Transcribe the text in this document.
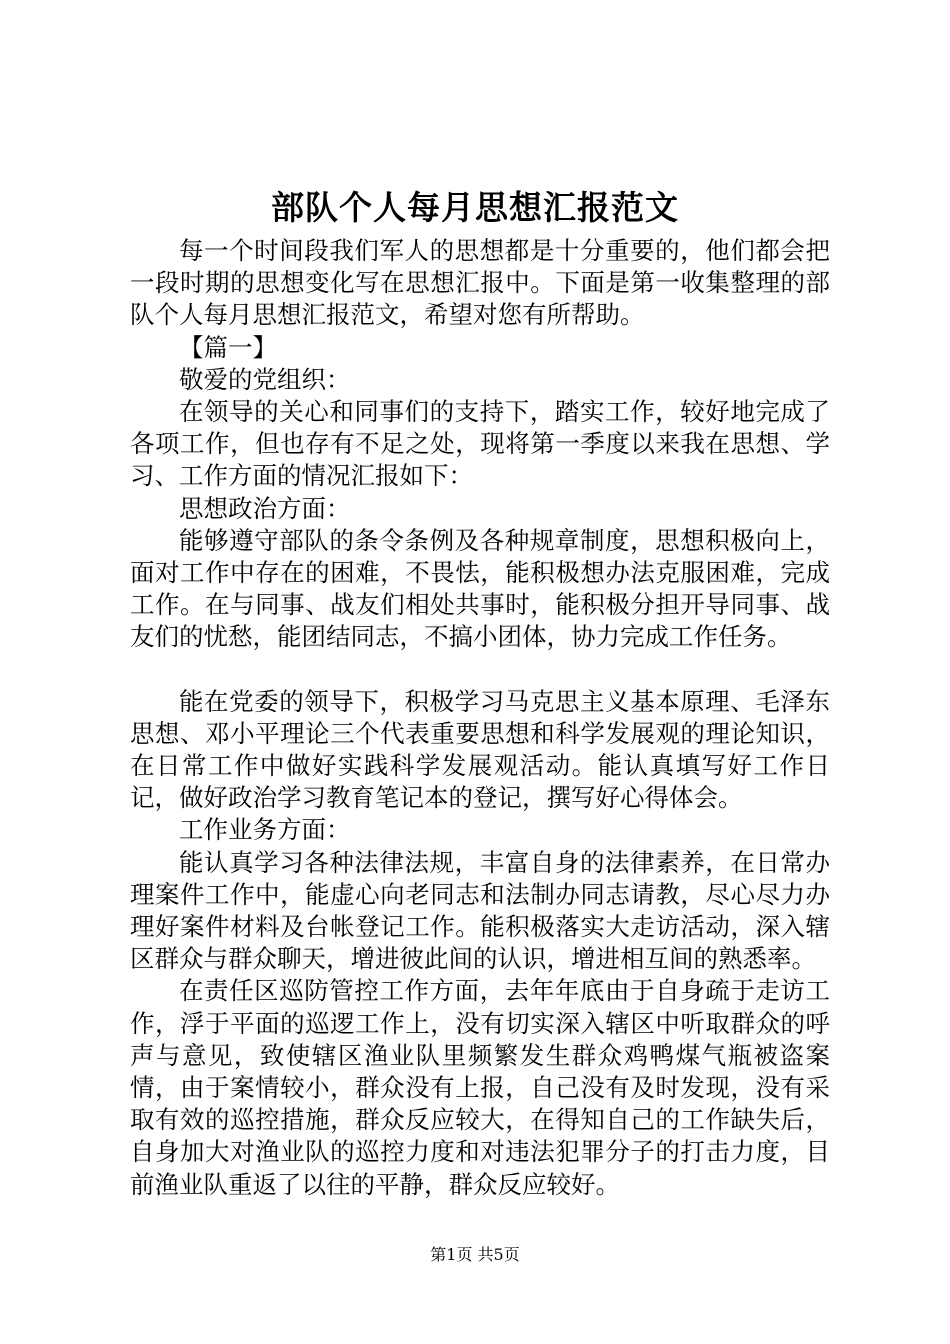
部队个人每月思想汇报范文

每一个时间段我们军人的思想都是十分重要的，他们都会把一段时期的思想变化写在思想汇报中。下面是第一收集整理的部队个人每月思想汇报范文，希望对您有所帮助。

【篇一】

敬爱的党组织：

在领导的关心和同事们的支持下，踏实工作，较好地完成了各项工作，但也存有不足之处，现将第一季度以来我在思想、学习、工作方面的情况汇报如下：

思想政治方面：

能够遵守部队的条令条例及各种规章制度，思想积极向上，面对工作中存在的困难，不畏怯，能积极想办法克服困难，完成工作。在与同事、战友们相处共事时，能积极分担开导同事、战友们的忧愁，能团结同志，不搞小团体，协力完成工作任务。

能在党委的领导下，积极学习马克思主义基本原理、毛泽东思想、邓小平理论三个代表重要思想和科学发展观的理论知识，在日常工作中做好实践科学发展观活动。能认真填写好工作日记，做好政治学习教育笔记本的登记，撰写好心得体会。

工作业务方面：

能认真学习各种法律法规，丰富自身的法律素养，在日常办理案件工作中，能虚心向老同志和法制办同志请教，尽心尽力办理好案件材料及台帐登记工作。能积极落实大走访活动，深入辖区群众与群众聊天，增进彼此间的认识，增进相互间的熟悉率。

在责任区巡防管控工作方面，去年年底由于自身疏于走访工作，浮于平面的巡逻工作上，没有切实深入辖区中听取群众的呼声与意见，致使辖区渔业队里频繁发生群众鸡鸭煤气瓶被盗案情，由于案情较小，群众没有上报，自己没有及时发现，没有采取有效的巡控措施，群众反应较大，在得知自己的工作缺失后，自身加大对渔业队的巡控力度和对违法犯罪分子的打击力度，目前渔业队重返了以往的平静，群众反应较好。

第1页 共5页
